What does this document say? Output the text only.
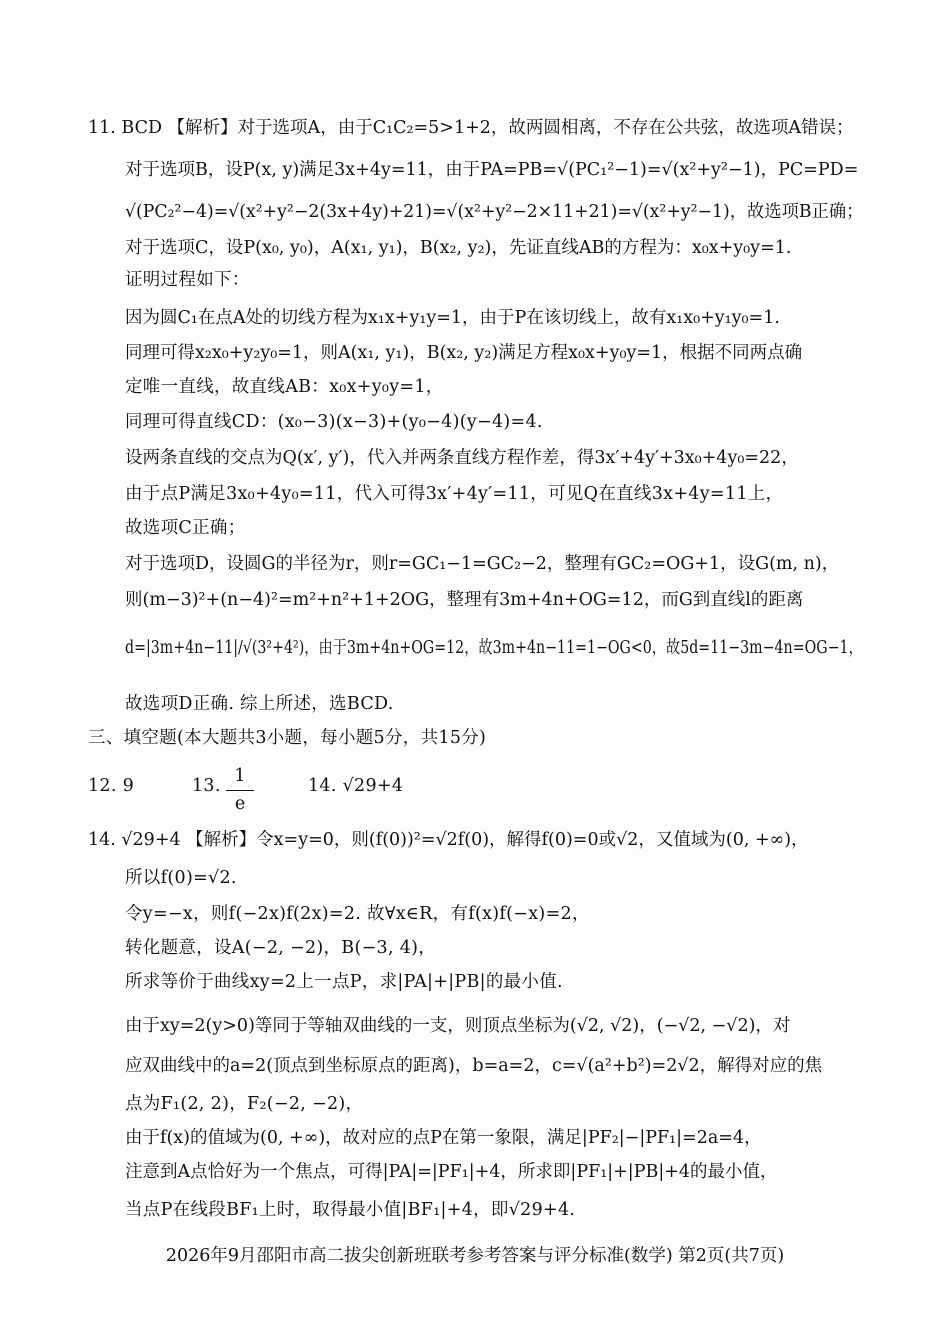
11. BCD 【解析】对于选项A，由于C₁C₂=5>1+2，故两圆相离，不存在公共弦，故选项A错误；
对于选项B，设P(x, y)满足3x+4y=11，由于PA=PB=√(PC₁²−1)=√(x²+y²−1)，PC=PD=
√(PC₂²−4)=√(x²+y²−2(3x+4y)+21)=√(x²+y²−2×11+21)=√(x²+y²−1)，故选项B正确；
对于选项C，设P(x₀, y₀)，A(x₁, y₁)，B(x₂, y₂)，先证直线AB的方程为：x₀x+y₀y=1.
证明过程如下：
因为圆C₁在点A处的切线方程为x₁x+y₁y=1，由于P在该切线上，故有x₁x₀+y₁y₀=1.
同理可得x₂x₀+y₂y₀=1，则A(x₁, y₁)，B(x₂, y₂)满足方程x₀x+y₀y=1，根据不同两点确
定唯一直线，故直线AB：x₀x+y₀y=1，
同理可得直线CD：(x₀−3)(x−3)+(y₀−4)(y−4)=4.
设两条直线的交点为Q(x′, y′)，代入并两条直线方程作差，得3x′+4y′+3x₀+4y₀=22，
由于点P满足3x₀+4y₀=11，代入可得3x′+4y′=11，可见Q在直线3x+4y=11上，
故选项C正确；
对于选项D，设圆G的半径为r，则r=GC₁−1=GC₂−2，整理有GC₂=OG+1，设G(m, n)，
则(m−3)²+(n−4)²=m²+n²+1+2OG，整理有3m+4n+OG=12，而G到直线l的距离
d=|3m+4n−11|/√(3²+4²)，由于3m+4n+OG=12，故3m+4n−11=1−OG<0，故5d=11−3m−4n=OG−1，
故选项D正确. 综上所述，选BCD.
三、填空题(本大题共3小题，每小题5分，共15分)
12. 9	13. 1
e
14. √29+4
14. √29+4 【解析】令x=y=0，则(f(0))²=√2f(0)，解得f(0)=0或√2，又值域为(0, +∞)，
所以f(0)=√2.
令y=−x，则f(−2x)f(2x)=2. 故∀x∈R，有f(x)f(−x)=2，
转化题意，设A(−2, −2)，B(−3, 4)，
所求等价于曲线xy=2上一点P，求|PA|+|PB|的最小值.
由于xy=2(y>0)等同于等轴双曲线的一支，则顶点坐标为(√2, √2)，(−√2, −√2)，对
应双曲线中的a=2(顶点到坐标原点的距离)，b=a=2，c=√(a²+b²)=2√2，解得对应的焦
点为F₁(2, 2)，F₂(−2, −2)，
由于f(x)的值域为(0, +∞)，故对应的点P在第一象限，满足|PF₂|−|PF₁|=2a=4，
注意到A点恰好为一个焦点，可得|PA|=|PF₁|+4，所求即|PF₁|+|PB|+4的最小值，
当点P在线段BF₁上时，取得最小值|BF₁|+4，即√29+4.
2026年9月邵阳市高二拔尖创新班联考参考答案与评分标准(数学) 第2页(共7页)
